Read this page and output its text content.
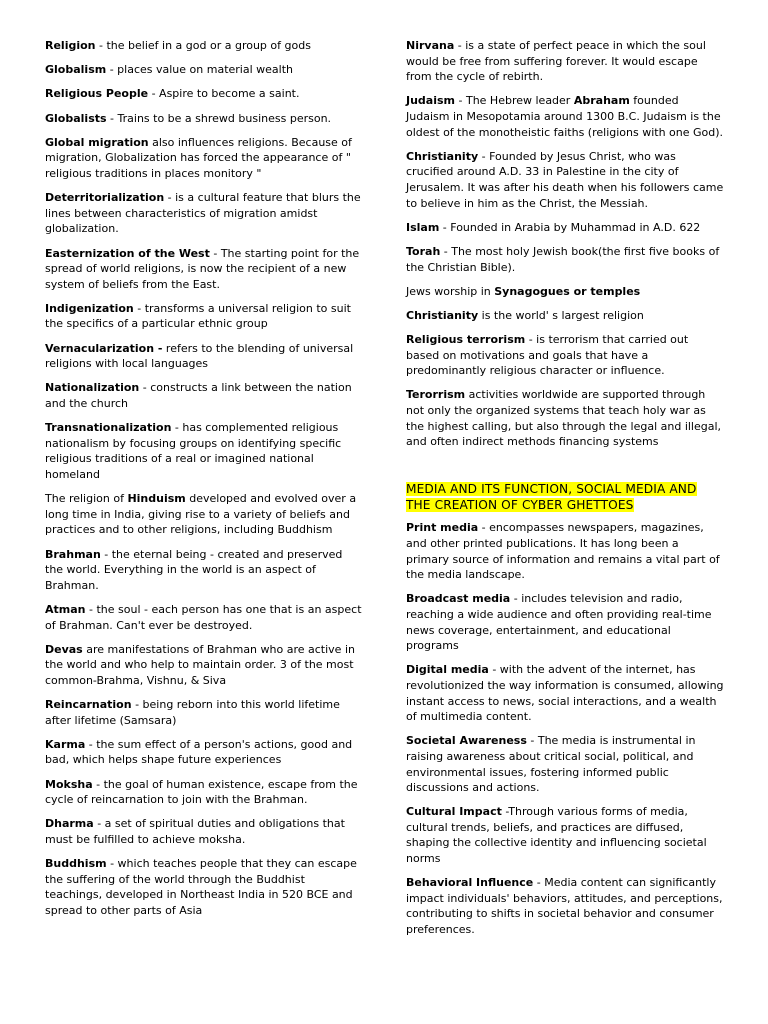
Religion - the belief in a god or a group of gods

Globalism - places value on material wealth

Religious People - Aspire to become a saint.

Globalists - Trains to be a shrewd business person.

Global migration also influences religions. Because of migration, Globalization has forced the appearance of " religious traditions in places monitory "

Deterritorialization - is a cultural feature that blurs the lines between characteristics of migration amidst globalization.

Easternization of the West - The starting point for the spread of world religions, is now the recipient of a new system of beliefs from the East.

Indigenization - transforms a universal religion to suit the specifics of a particular ethnic group

Vernacularization - refers to the blending of universal religions with local languages

Nationalization - constructs a link between the nation and the church

Transnationalization - has complemented religious nationalism by focusing groups on identifying specific religious traditions of a real or imagined national homeland

The religion of Hinduism developed and evolved over a long time in India, giving rise to a variety of beliefs and practices and to other religions, including Buddhism

Brahman - the eternal being - created and preserved the world. Everything in the world is an aspect of Brahman.

Atman - the soul - each person has one that is an aspect of Brahman. Can't ever be destroyed.

Devas are manifestations of Brahman who are active in the world and who help to maintain order. 3 of the most common-Brahma, Vishnu, & Siva

Reincarnation - being reborn into this world lifetime after lifetime (Samsara)

Karma - the sum effect of a person's actions, good and bad, which helps shape future experiences

Moksha - the goal of human existence, escape from the cycle of reincarnation to join with the Brahman.

Dharma - a set of spiritual duties and obligations that must be fulfilled to achieve moksha.

Buddhism - which teaches people that they can escape the suffering of the world through the Buddhist teachings, developed in Northeast India in 520 BCE and spread to other parts of Asia

Nirvana - is a state of perfect peace in which the soul would be free from suffering forever. It would escape from the cycle of rebirth.

Judaism - The Hebrew leader Abraham founded Judaism in Mesopotamia around 1300 B.C. Judaism is the oldest of the monotheistic faiths (religions with one God).

Christianity - Founded by Jesus Christ, who was crucified around A.D. 33 in Palestine in the city of Jerusalem. It was after his death when his followers came to believe in him as the Christ, the Messiah.

Islam - Founded in Arabia by Muhammad in A.D. 622

Torah - The most holy Jewish book(the first five books of the Christian Bible).

Jews worship in Synagogues or temples

Christianity is the world' s largest religion

Religious terrorism - is terrorism that carried out based on motivations and goals that have a predominantly religious character or influence.

Terorrism activities worldwide are supported through not only the organized systems that teach holy war as the highest calling, but also through the legal and illegal, and often indirect methods financing systems

MEDIA AND ITS FUNCTION, SOCIAL MEDIA AND THE CREATION OF CYBER GHETTOES

Print media - encompasses newspapers, magazines, and other printed publications. It has long been a primary source of information and remains a vital part of the media landscape.

Broadcast media - includes television and radio, reaching a wide audience and often providing real-time news coverage, entertainment, and educational programs

Digital media - with the advent of the internet, has revolutionized the way information is consumed, allowing instant access to news, social interactions, and a wealth of multimedia content.

Societal Awareness - The media is instrumental in raising awareness about critical social, political, and environmental issues, fostering informed public discussions and actions.

Cultural Impact -Through various forms of media, cultural trends, beliefs, and practices are diffused, shaping the collective identity and influencing societal norms

Behavioral Influence - Media content can significantly impact individuals' behaviors, attitudes, and perceptions, contributing to shifts in societal behavior and consumer preferences.
